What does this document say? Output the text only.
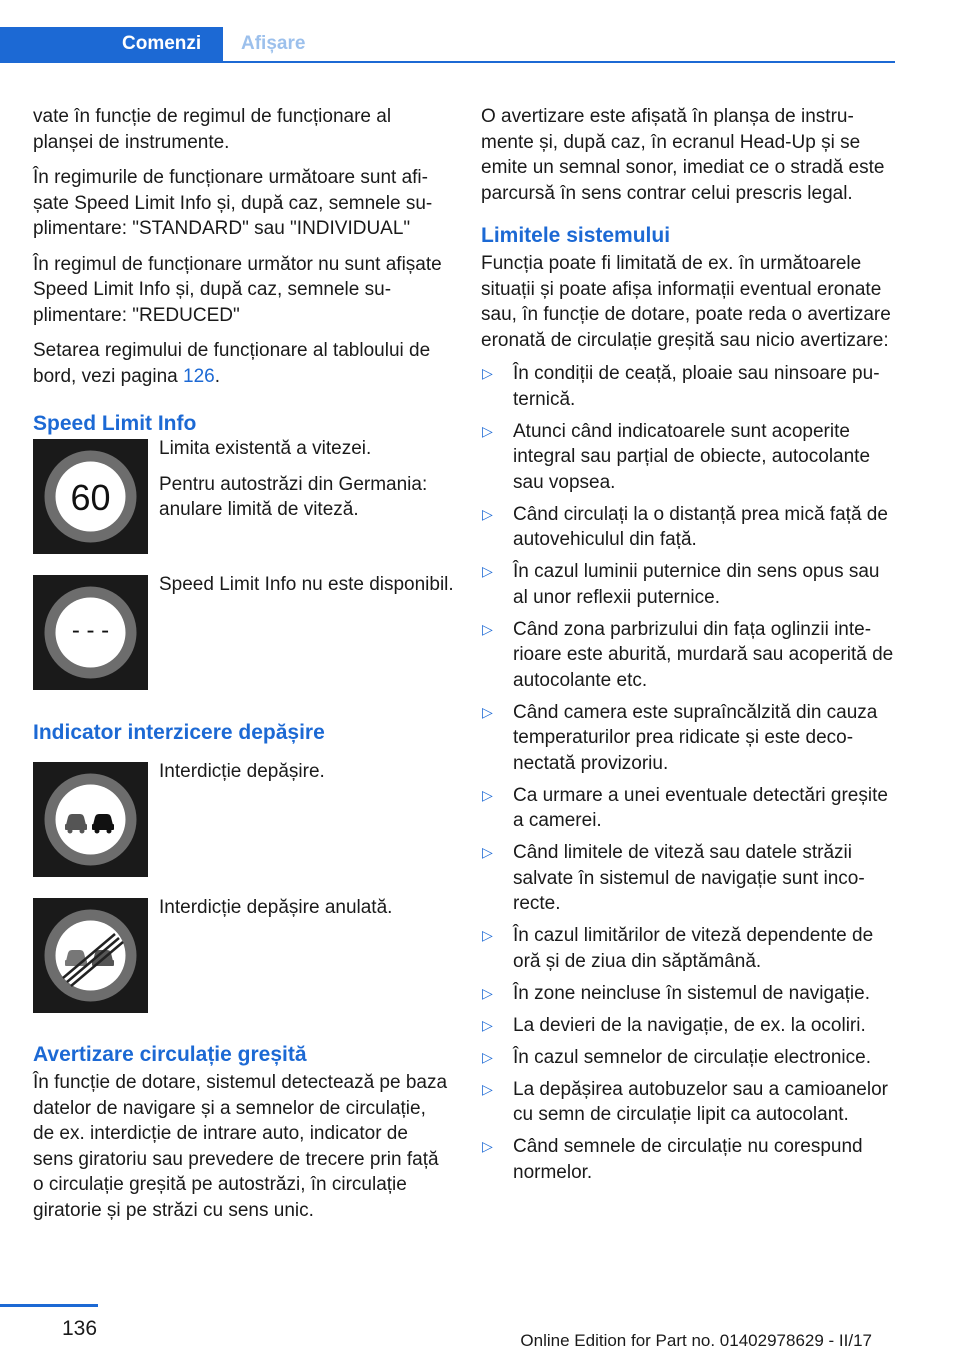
Comenzi	Afișare

vate în funcție de regimul de funcționare al planșei de instrumente.

În regimurile de funcționare următoare sunt afișate Speed Limit Info și, după caz, semnele suplimentare: "STANDARD" sau "INDIVIDUAL"

În regimul de funcționare următor nu sunt afișate Speed Limit Info și, după caz, semnele suplimentare: "REDUCED"

Setarea regimului de funcționare al tabloului de bord, vezi pagina 126.

Speed Limit Info
60

Limita existentă a vitezei.

Pentru autostrăzi din Germania: anulare limită de viteză.

- - -

Speed Limit Info nu este disponibil.

Indicator interzicere depășire

Interdicție depășire.

Interdicție depășire anulată.

Avertizare circulație greșită

În funcție de dotare, sistemul detectează pe baza datelor de navigare și a semnelor de circulație, de ex. interdicție de intrare auto, indicator de sens giratoriu sau prevedere de trecere prin față o circulație greșită pe autostrăzi, în circulație giratorie și pe străzi cu sens unic.

O avertizare este afișată în planșa de instrumente și, după caz, în ecranul Head-Up și se emite un semnal sonor, imediat ce o stradă este parcursă în sens contrar celui prescris legal.

Limitele sistemului

Funcția poate fi limitată de ex. în următoarele situații și poate afișa informații eventual eronate sau, în funcție de dotare, poate reda o avertizare eronată de circulație greșită sau nicio avertizare:

▷ În condiții de ceață, ploaie sau ninsoare puternică.
▷ Atunci când indicatoarele sunt acoperite integral sau parțial de obiecte, autocolante sau vopsea.
▷ Când circulați la o distanță prea mică față de autovehiculul din față.
▷ În cazul luminii puternice din sens opus sau al unor reflexii puternice.
▷ Când zona parbrizului din fața oglinzii interioare este aburită, murdară sau acoperită de autocolante etc.
▷ Când camera este supraîncălzită din cauza temperaturilor prea ridicate și este deconectată provizoriu.
▷ Ca urmare a unei eventuale detectări greșite a camerei.
▷ Când limitele de viteză sau datele străzii salvate în sistemul de navigație sunt incorecte.
▷ În cazul limitărilor de viteză dependente de oră și de ziua din săptămână.
▷ În zone neincluse în sistemul de navigație.
▷ La devieri de la navigație, de ex. la ocoliri.
▷ În cazul semnelor de circulație electronice.
▷ La depășirea autobuzelor sau a camioanelor cu semn de circulație lipit ca autocolant.
▷ Când semnele de circulație nu corespund normelor.
136
Online Edition for Part no. 01402978629 - II/17
